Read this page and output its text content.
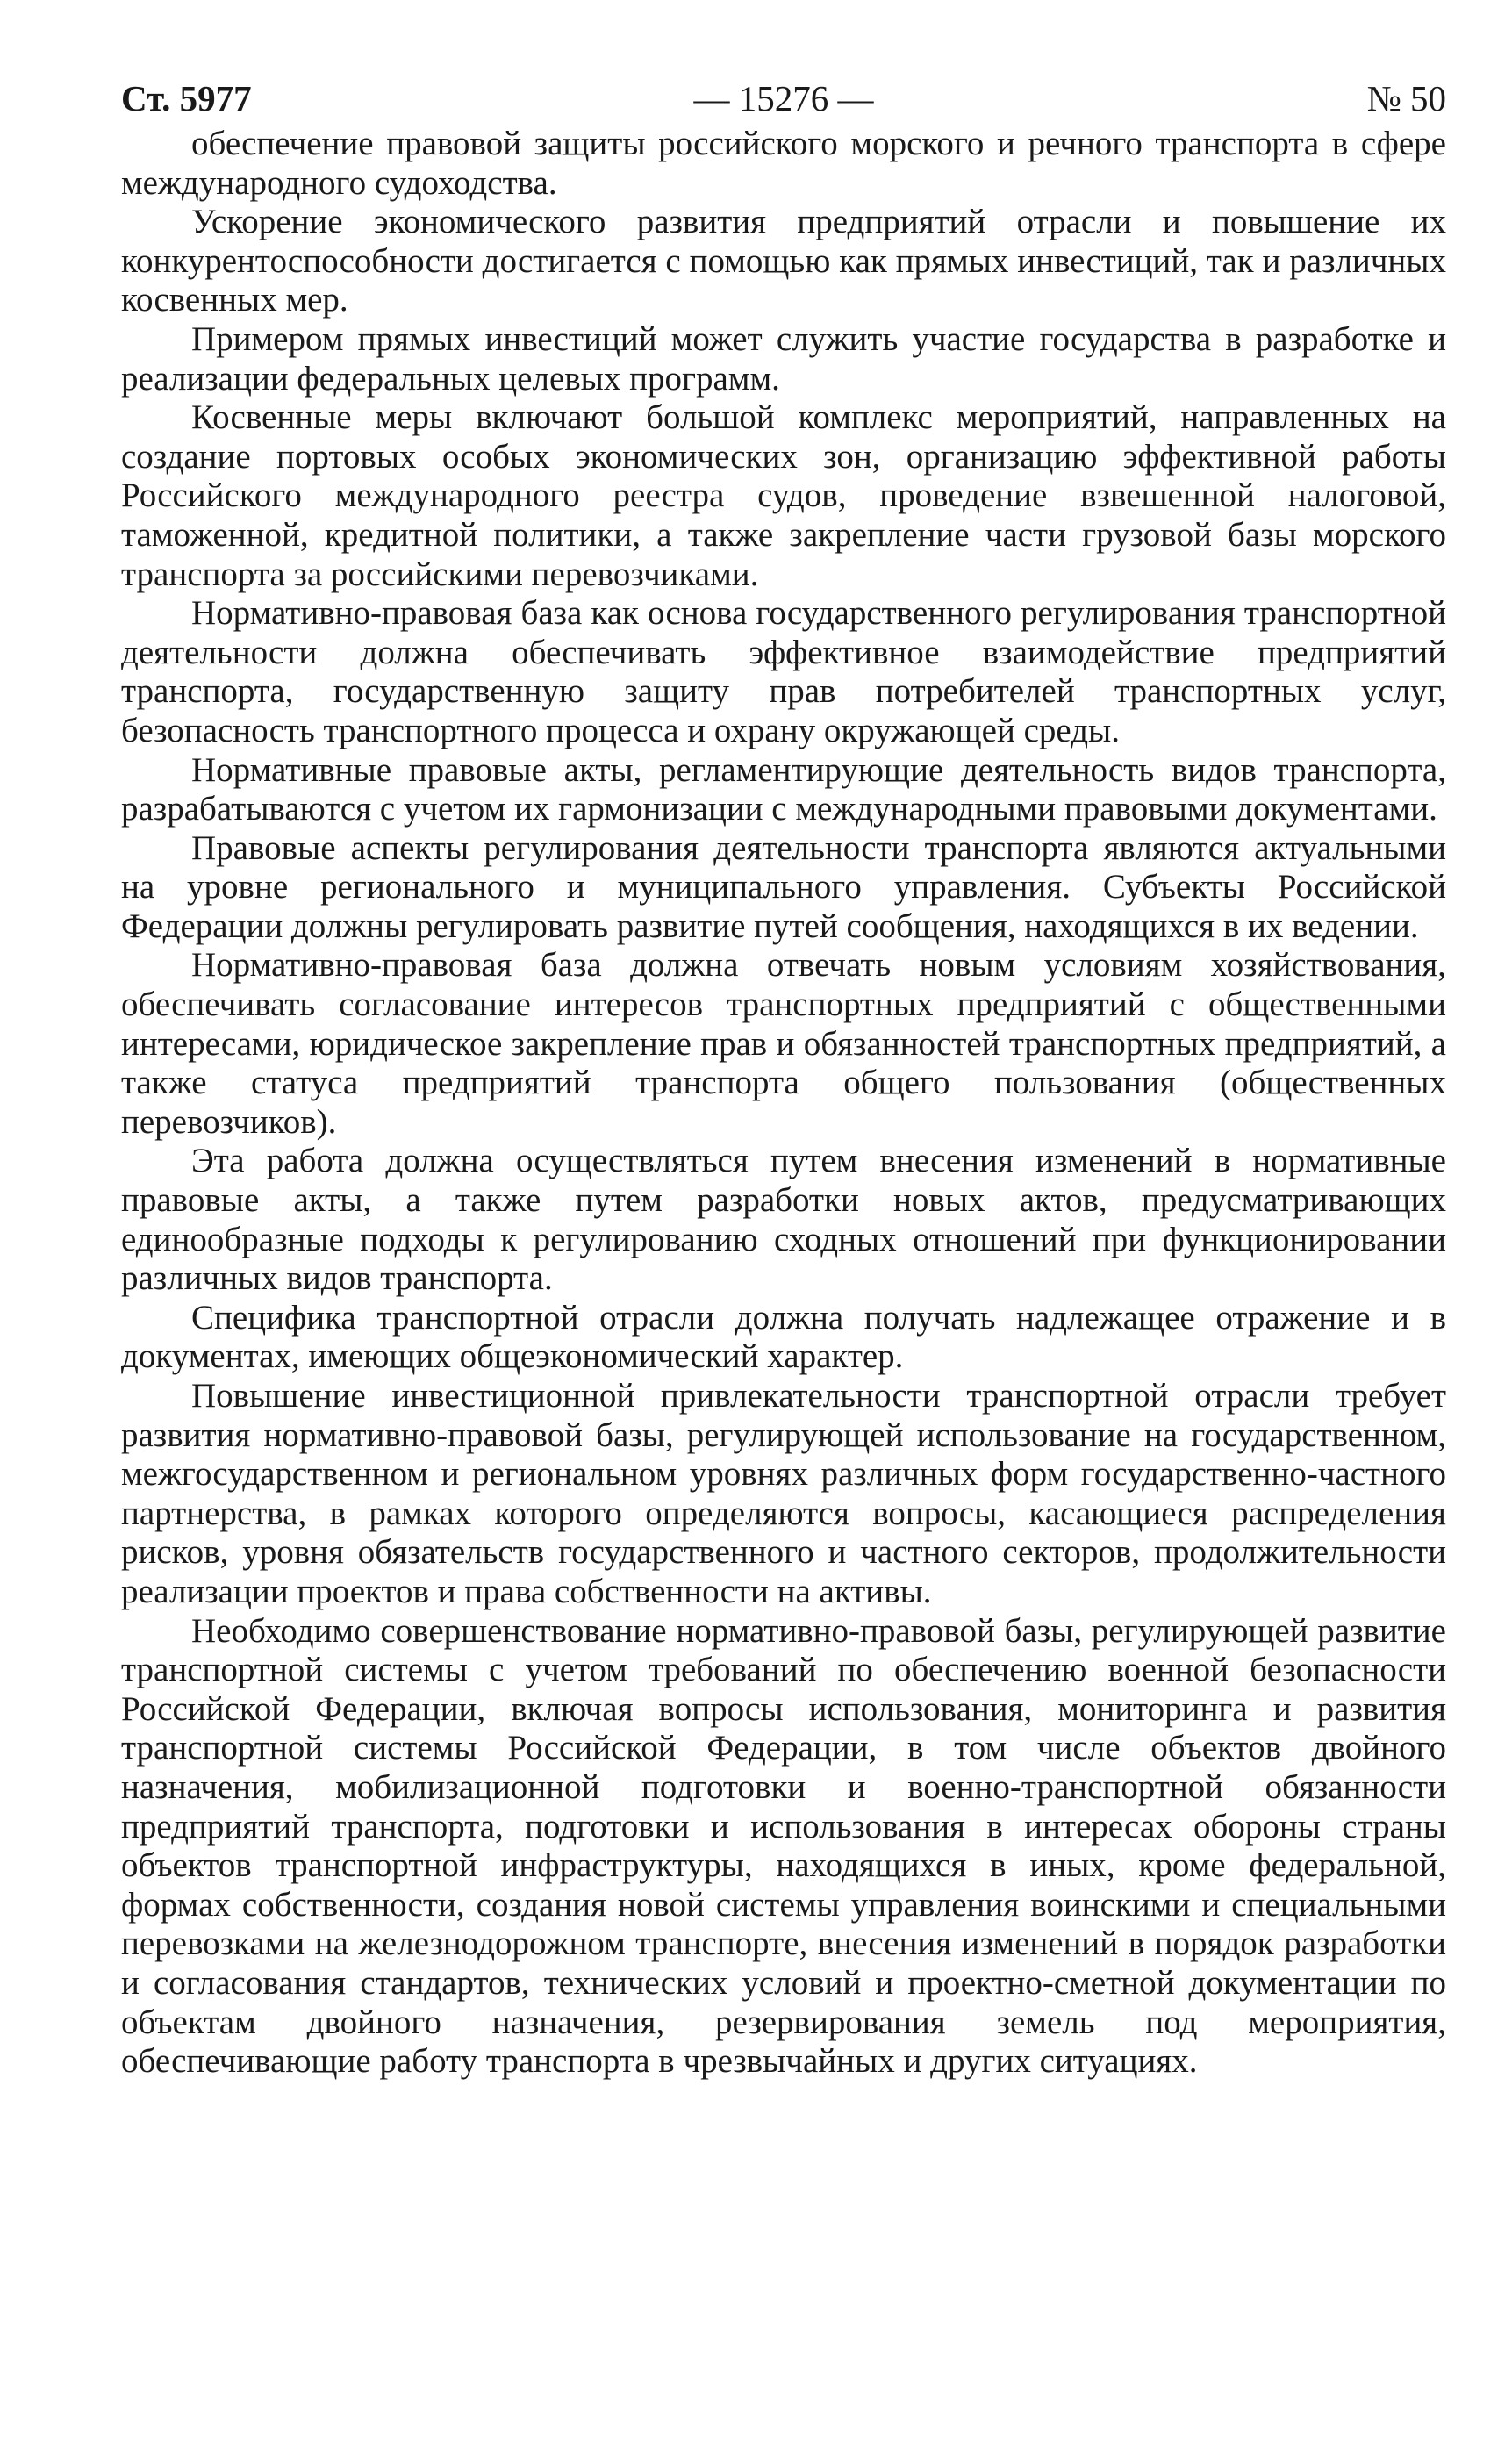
Ст. 5977	— 15276 —	№ 50

обеспечение правовой защиты российского морского и речного транспорта в сфере международного судоходства.

Ускорение экономического развития предприятий отрасли и повышение их конкурентоспособности достигается с помощью как прямых инвестиций, так и различных косвенных мер.

Примером прямых инвестиций может служить участие государства в разработке и реализации федеральных целевых программ.

Косвенные меры включают большой комплекс мероприятий, направленных на создание портовых особых экономических зон, организацию эффективной работы Российского международного реестра судов, проведение взвешенной налоговой, таможенной, кредитной политики, а также закрепление части грузовой базы морского транспорта за российскими перевозчиками.

Нормативно-правовая база как основа государственного регулирования транспортной деятельности должна обеспечивать эффективное взаимодействие предприятий транспорта, государственную защиту прав потребителей транспортных услуг, безопасность транспортного процесса и охрану окружающей среды.

Нормативные правовые акты, регламентирующие деятельность видов транспорта, разрабатываются с учетом их гармонизации с международными правовыми документами.

Правовые аспекты регулирования деятельности транспорта являются актуальными на уровне регионального и муниципального управления. Субъекты Российской Федерации должны регулировать развитие путей сообщения, находящихся в их ведении.

Нормативно-правовая база должна отвечать новым условиям хозяйствования, обеспечивать согласование интересов транспортных предприятий с общественными интересами, юридическое закрепление прав и обязанностей транспортных предприятий, а также статуса предприятий транспорта общего пользования (общественных перевозчиков).

Эта работа должна осуществляться путем внесения изменений в нормативные правовые акты, а также путем разработки новых актов, предусматривающих единообразные подходы к регулированию сходных отношений при функционировании различных видов транспорта.

Специфика транспортной отрасли должна получать надлежащее отражение и в документах, имеющих общеэкономический характер.

Повышение инвестиционной привлекательности транспортной отрасли требует развития нормативно-правовой базы, регулирующей использование на государственном, межгосударственном и региональном уровнях различных форм государственно-частного партнерства, в рамках которого определяются вопросы, касающиеся распределения рисков, уровня обязательств государственного и частного секторов, продолжительности реализации проектов и права собственности на активы.

Необходимо совершенствование нормативно-правовой базы, регулирующей развитие транспортной системы с учетом требований по обеспечению военной безопасности Российской Федерации, включая вопросы использования, мониторинга и развития транспортной системы Российской Федерации, в том числе объектов двойного назначения, мобилизационной подготовки и военно-транспортной обязанности предприятий транспорта, подготовки и использования в интересах обороны страны объектов транспортной инфраструктуры, находящихся в иных, кроме федеральной, формах собственности, создания новой системы управления воинскими и специальными перевозками на железнодорожном транспорте, внесения изменений в порядок разработки и согласования стандартов, технических условий и проектно-сметной документации по объектам двойного назначения, резервирования земель под мероприятия, обеспечивающие работу транспорта в чрезвычайных и других ситуациях.
